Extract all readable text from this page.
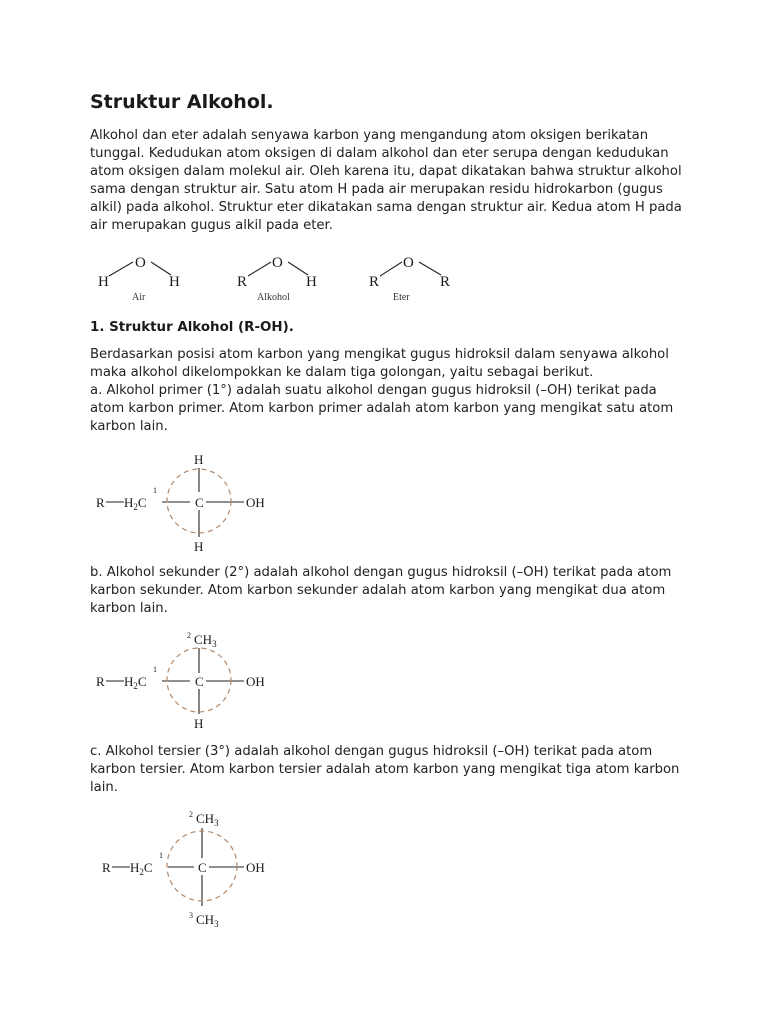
Struktur Alkohol.

Alkohol dan eter adalah senyawa karbon yang mengandung atom oksigen berikatan tunggal. Kedudukan atom oksigen di dalam alkohol dan eter serupa dengan kedudukan atom oksigen dalam molekul air. Oleh karena itu, dapat dikatakan bahwa struktur alkohol sama dengan struktur air. Satu atom H pada air merupakan residu hidrokarbon (gugus alkil) pada alkohol. Struktur eter dikatakan sama dengan struktur air. Kedua atom H pada air merupakan gugus alkil pada eter.

H
O
H
Air
R
O
H
Alkohol
R
O
R
Eter
1. Struktur Alkohol (R-OH).

Berdasarkan posisi atom karbon yang mengikat gugus hidroksil dalam senyawa alkohol maka alkohol dikelompokkan ke dalam tiga golongan, yaitu sebagai berikut.

a. Alkohol primer (1°) adalah suatu alkohol dengan gugus hidroksil (–OH) terikat pada atom karbon primer. Atom karbon primer adalah atom karbon yang mengikat satu atom karbon lain.

H
R $H_2C$
1
C	OH
H

b. Alkohol sekunder (2°) adalah alkohol dengan gugus hidroksil (–OH) terikat pada atom karbon sekunder. Atom karbon sekunder adalah atom karbon yang mengikat dua atom karbon lain.

2 $CH_3$
R $H_2C$
1
C	OH
H

c. Alkohol tersier (3°) adalah alkohol dengan gugus hidroksil (–OH) terikat pada atom karbon tersier. Atom karbon tersier adalah atom karbon yang mengikat tiga atom karbon lain.

2 $CH_3$
R $H_2C$
1
C	OH
3 $CH_3$
